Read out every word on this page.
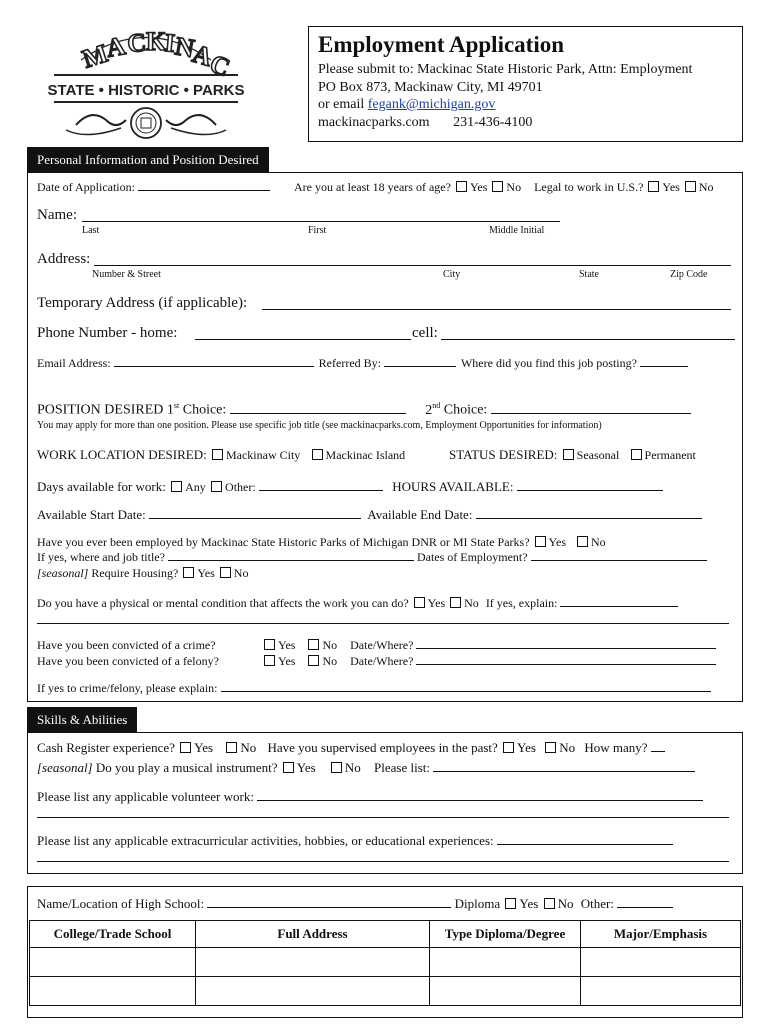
M
A
C
K
I
N
A
C
STATE • HISTORIC • PARKS
Employment Application
Please submit to: Mackinac State Historic Park, Attn: Employment
PO Box 873, Mackinaw City, MI 49701
or email fegank@michigan.gov
mackinacparks.com 231-436-4100
Personal Information and Position Desired
Date of Application:	Are you at least 18 years of age? Yes No Legal to work in U.S.? Yes No
Name:
Last	First	Middle Initial
Address:
Number & Street	City	State	Zip Code
Temporary Address (if applicable):
Phone Number - home:	cell:
Email Address:	Referred By:	Where did you find this job posting?
POSITION DESIRED 1st Choice:	2nd Choice:
You may apply for more than one position. Please use specific job title (see mackinacparks.com, Employment Opportunities for information)
WORK LOCATION DESIRED: Mackinaw City Mackinac Island	STATUS DESIRED: Seasonal Permanent
Days available for work: Any Other:	HOURS AVAILABLE:
Available Start Date:	Available End Date:
Have you ever been employed by Mackinac State Historic Parks of Michigan DNR or MI State Parks? Yes No
If yes, where and job title?	Dates of Employment?
[seasonal] Require Housing? Yes No
Do you have a physical or mental condition that affects the work you can do? Yes No If yes, explain:
Have you been convicted of a crime?	Yes No Date/Where?
Have you been convicted of a felony?	Yes No Date/Where?
If yes to crime/felony, please explain:
Skills & Abilities
Cash Register experience? Yes No Have you supervised employees in the past? Yes No How many?
[seasonal] Do you play a musical instrument? Yes No Please list:
Please list any applicable volunteer work:
Please list any applicable extracurricular activities, hobbies, or educational experiences:
Name/Location of High School:	Diploma Yes No Other:
College/Trade School	Full Address	Type Diploma/Degree	Major/Emphasis
